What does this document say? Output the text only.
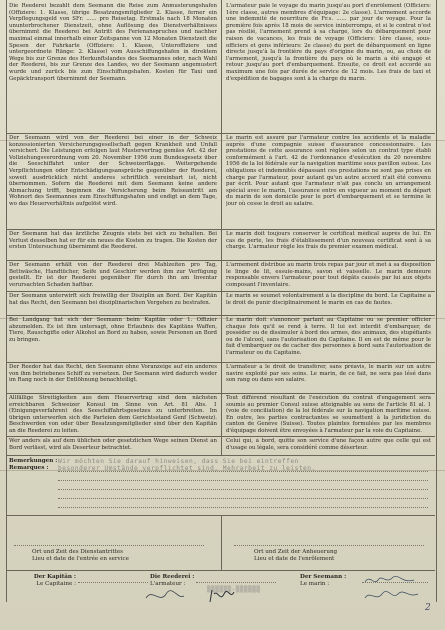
Die Reederei bezahlt dem Seemann die Reise zum Anmusterungshafen (Offiziere: 1. Klasse, übrige Besatzungsmitglieder 2. Klasse, ferner ein Verpflegungsgeld von SFr. ...... pro Reisetag. Erstmals nach 18 Monaten ununterbrochener Dienstzeit, ohne Auflösung des Dienstverhältnisses übernimmt die Reederei bei Antritt des Ferienanspruches und nachher maximal einmal innerhalb einer Zeitspanne von 12 Monaten Dienstzeit die Spesen der Fahrkarte (Offiziere: 1. Klasse, Unteroffiziere und untergeordnete Ränge: 2. Klasse) vom Ausschiffungshafen in direktem Wege bis zur Grenze des Herkunftslandes des Seemannes oder, nach Wahl der Reederei, bis zur Grenze des Landes, wo der Seemann angemustert wurde und zurück bis zum Einschiffungshafen. Kosten für Taxi und Gepäcktransport übernimmt der Seemann.
L'armateur paie le voyage du marin jusqu'au port d'enrôlement (Officiers: 1ère classe, autres membres d'équipage: 2e classe). L'armement accorde une indemnité de nourriture de Fr.s. ...... par jour de voyage. Pour la première fois après 18 mois de service ininterrompu, et si le contrat n'est pas résilié, l'armement prend à sa charge, lors du débarquement pour raison de vacances, les frais de voyage (Officiers: 1ère classe, sous-officiers et gens inférieurs: 2e classe) du port de débarquement en ligne directe jusqu'à la frontière du pays d'origine du marin, ou, au choix de l'armement, jusqu'à la frontière du pays où le marin a été engagé et retour jusqu'au port d'embarquement. Ensuite, ce droit est accordé au maximum une fois par durée de service de 12 mois. Les frais de taxi et d'expédition de bagages sont à la charge du marin.
Der Seemann wird von der Reederei bei einer in der Schweiz konzessionierten Versicherungsgesellschaft gegen Krankheit und Unfall versichert. Die Leistungen erfolgen laut Mustervertrag gemäss Art. 42 der Vollziehungsverordnung vom 20. November 1956 zum Bundesgesetz über die Seeschiffahrt unter der Schweizerflagge. Weitergehende Verpflichtungen oder Entschädigungsansprüche gegenüber der Reederei, soweit ausdrücklich nicht anderes schriftlich vereinbart ist, nicht übernommen. Sofern die Reederei mit dem Seemann keine andere Abmachung trifft, beginnen die Versicherung beim Reiseantritt am Wohnort des Seemannes zum Einschiffungshafen und endigt an dem Tage, wo das Heuerverhältnis aufgelöst wird.
Le marin est assuré par l'armateur contre les accidents et la maladie auprès d'une compagnie suisse d'assurance concessionnaire. Les prestations de cette assurance sont réglées selon un contrat type établi conformément à l'art. 42 de l'ordonnance d'exécution du 20 novembre 1956 de la loi fédérale sur la navigation maritime sous pavillon suisse. Les obligations et indemnités dépassant ces prestations ne sont pas prises en charge par l'armateur, pour autant qu'un autre accord n'ait été convenu par écrit. Pour autant que l'armateur n'ait pas conclu un arrangement spécial avec le marin, l'assurance entre en vigueur au moment du départ du marin de son domicile pour le port d'embarquement et se termine le jour où cesse le droit au salaire.
Der Seemann hat das ärztliche Zeugnis stets bei sich zu behalten. Bei Verlust desselben hat er für ein neues die Kosten zu tragen. Die Kosten der ersten Untersuchung übernimmt die Reederei.
Le marin doit toujours conserver le certificat médical auprès de lui. En cas de perte, les frais d'établissement d'un nouveau certificat sont à sa charge. L'armateur règle les frais du premier examen médical.
Der Seemann erhält von der Reederei drei Mahlzeiten pro Tag, Bettwäsche, Handtücher, Seife und Geschirr werden ihm zur Verfügung gestellt. Er ist der Reederei gegenüber für durch ihn am Inventar verursachten Schaden haftbar.
L'armement distribue au marin trois repas par jour et met à sa disposition le linge de lit, essuie-mains, savon et vaisselle. Le marin demeure responsable envers l'armateur pour tout dégâts causés par lui aux objets composant l'inventaire.
Der Seemann unterwirft sich freiwillig der Disziplin an Bord. Der Kapitän hat das Recht, den Seemann bei disziplinarischen Vergehen zu bestrafen.
Le marin se soumet volontairement à la discipline du bord. Le Capitaine a le droit de punir disciplinairement le marin en cas de fautes.
Bei Landgang hat sich der Seemann beim Kapitän oder 1. Offizier abzumelden. Es ist ihm untersagt, ohne Erlaubnis des Kapitäns Waffen, Tiere, Rauschgifte oder Alkohol an Bord zu haben, sowie Personen an Bord zu bringen.
Le marin doit s'annoncer partant au Capitaine ou se premier officier chaque fois qu'il se rend à terre. Il lui est interdit d'embarquer, de posséder ou de dissimuler à bord des armes, des animaux, des stupéfiants ou de l'alcool, sans l'autorisation du Capitaine. Il en est de même pour le fait d'embarquer ou de cacher des personnes à bord sans l'autorisation de l'armateur ou du Capitaine.
Der Reeder hat das Recht, den Seemann ohne Voranzeige auf ein anderes von ihm betriebenes Schiff zu versetzen. Der Seemann wird dadurch weder im Rang noch in der Entlöhnung benachteiligt.
L'armateur a le droit de transférer, sans préavis, le marin sur un autre navire exploité par ses soins. Le marin, de ce fait, ne sera pas lésé dans son rang ou dans son salaire.
Allfällige Streitigkeiten aus dem Heuervertrag sind dem nächsten erreichbaren Schweizer Konsul im Sinne von Art. 81 Abs. 1 (Einigungsverfahren) des Seeschiffahrtsgesetzes zu unterbreiten. Im übrigen unterwerfen sich die Parteien dem Gerichtsstand Genf (Schweiz). Beschwerden von oder über Besatzungsmitglieder sind über den Kapitän an die Reederei zu leiten.
Tout différend résultant de l'exécution du contrat d'engagement sera soumis au premier Consul suisse atteignable au sens de l'article 81 al. 1 (voie de conciliation) de la loi fédérale sur la navigation maritime suisse. En outre, les parties contractantes se soumettent à la juridiction du canton de Genève (Suisse). Toutes plaintes formulées par les membres d'équipage doivent être envoyées à l'armateur par la voie du Capitaine.
Wer anders als auf dem üblichen oder gesetzlichen Wege seinen Dienst an Bord verlässt, wird als Deserteur betrachtet.
Celui qui, à bord, quitte son service d'une façon autre que celle qui est d'usage ou légale, sera considéré comme déserteur.
Bemerkungen :
Remarques :
Wir möchten Sie darauf hinweisen, dass Sie bei eintreffen
besonderer Umstände verpflichtet sind, Mehrarbeit zu leisten.
Ort und Zeit des Dienstantrittes
Lieu et date de l'entrée en service
Ort und Zeit der Anheuerung
Lieu et date de l'enrôlement
Der Kapitän :
Le Capitaine :
Die Reederei :
L'armateur :
▒▒▒▒▒▒-▒▒▒▒▒▒
Der Seemann :
Le marin :
2
